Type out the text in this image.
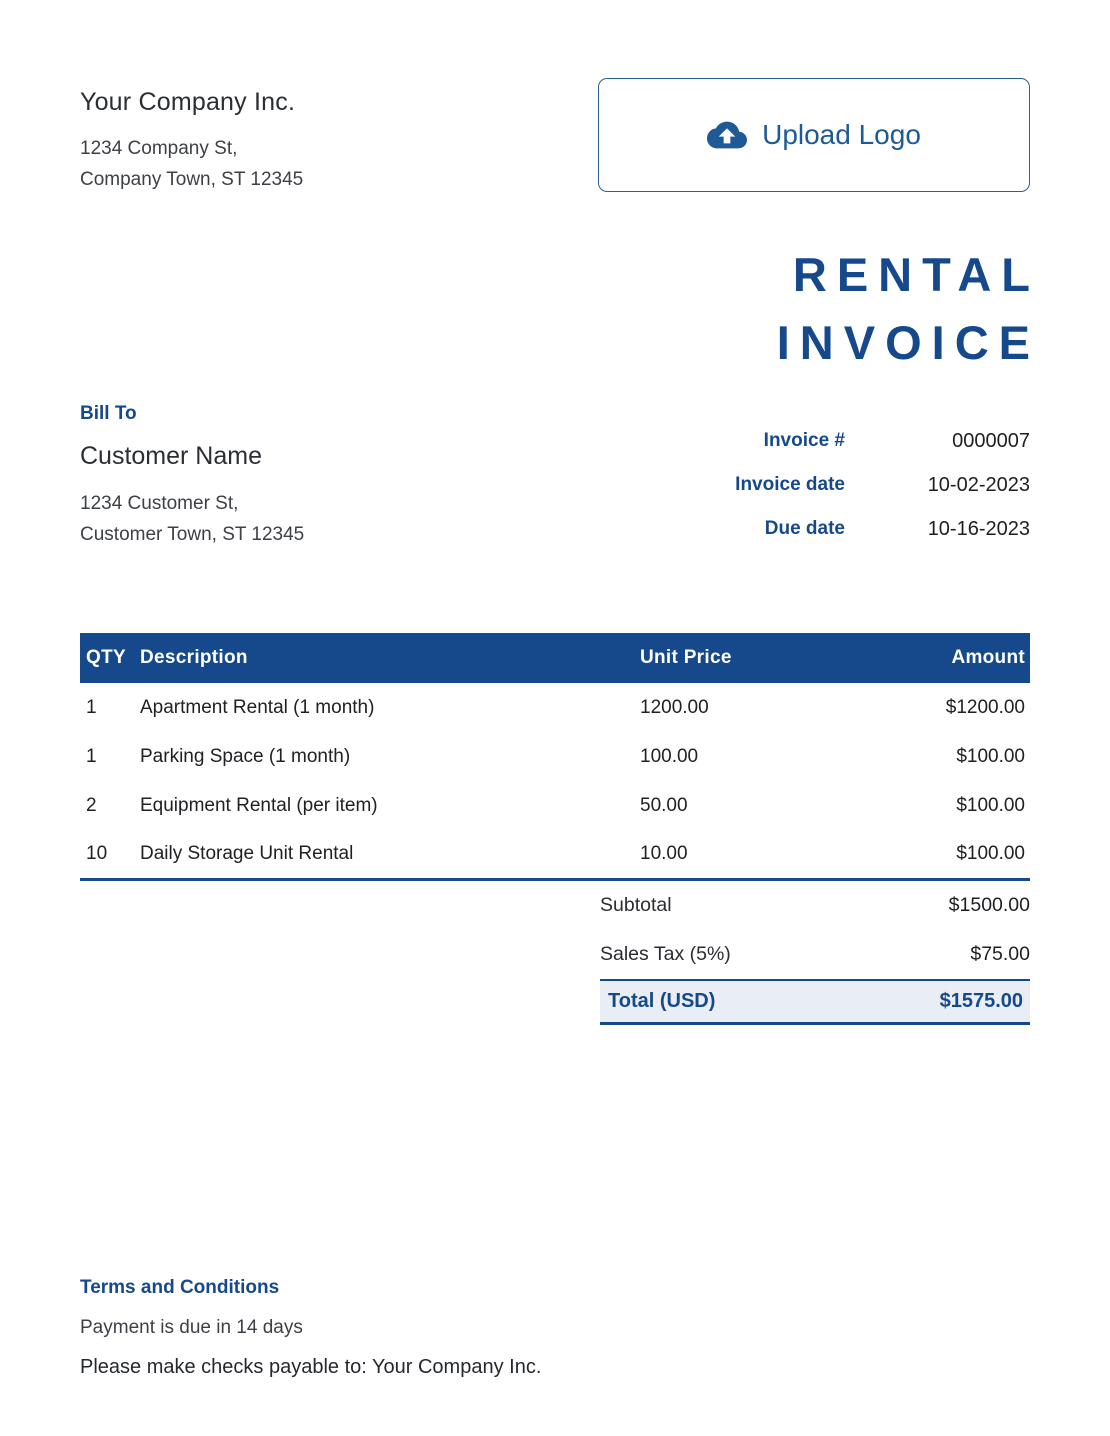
Your Company Inc.
1234 Company St,
Company Town, ST 12345
Upload Logo
RENTAL
INVOICE
Bill To
Customer Name
1234 Customer St,
Customer Town, ST 12345
Invoice #	0000007
Invoice date	10-02-2023
Due date	10-16-2023
QTY	Description	Unit Price	Amount
1	Apartment Rental (1 month)	1200.00	$1200.00
1	Parking Space (1 month)	100.00	$100.00
2	Equipment Rental (per item)	50.00	$100.00
10	Daily Storage Unit Rental	10.00	$100.00
Subtotal	$1500.00
Sales Tax (5%)	$75.00
Total (USD)	$1575.00
Terms and Conditions
Payment is due in 14 days
Please make checks payable to: Your Company Inc.
